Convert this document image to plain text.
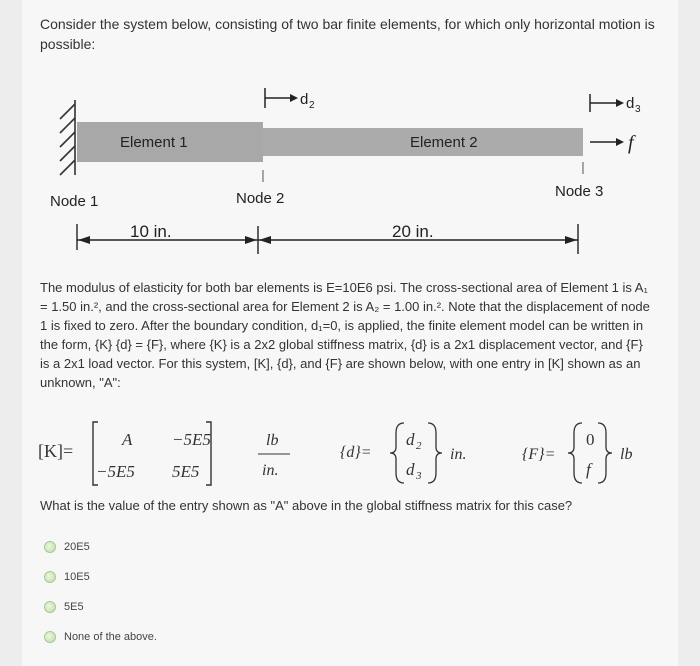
Consider the system below, consisting of two bar finite elements, for which only horizontal motion is possible:
Element 1	Element 2
d 2	d 3
f
Node 1	Node 2	Node 3
10 in.	20 in.
The modulus of elasticity for both bar elements is E=10E6 psi. The cross-sectional area of Element 1 is A₁ = 1.50 in.², and the cross-sectional area for Element 2 is A₂ = 1.00 in.². Note that the displacement of node 1 is fixed to zero. After the boundary condition, d₁=0, is applied, the finite element model can be written in the form, {K} {d} = {F}, where {K} is a 2x2 global stiffness matrix, {d} is a 2x1 displacement vector, and {F} is a 2x1 load vector. For this system, [K], {d}, and {F} are shown below, with one entry in [K] shown as an unknown, "A":
[K]=
A −5E5
−5E5 5E5
lb
in.
{d}=
d 2
d 3
in.	{F}=
0
f
lb
What is the value of the entry shown as "A" above in the global stiffness matrix for this case?
20E5
10E5
5E5
None of the above.
